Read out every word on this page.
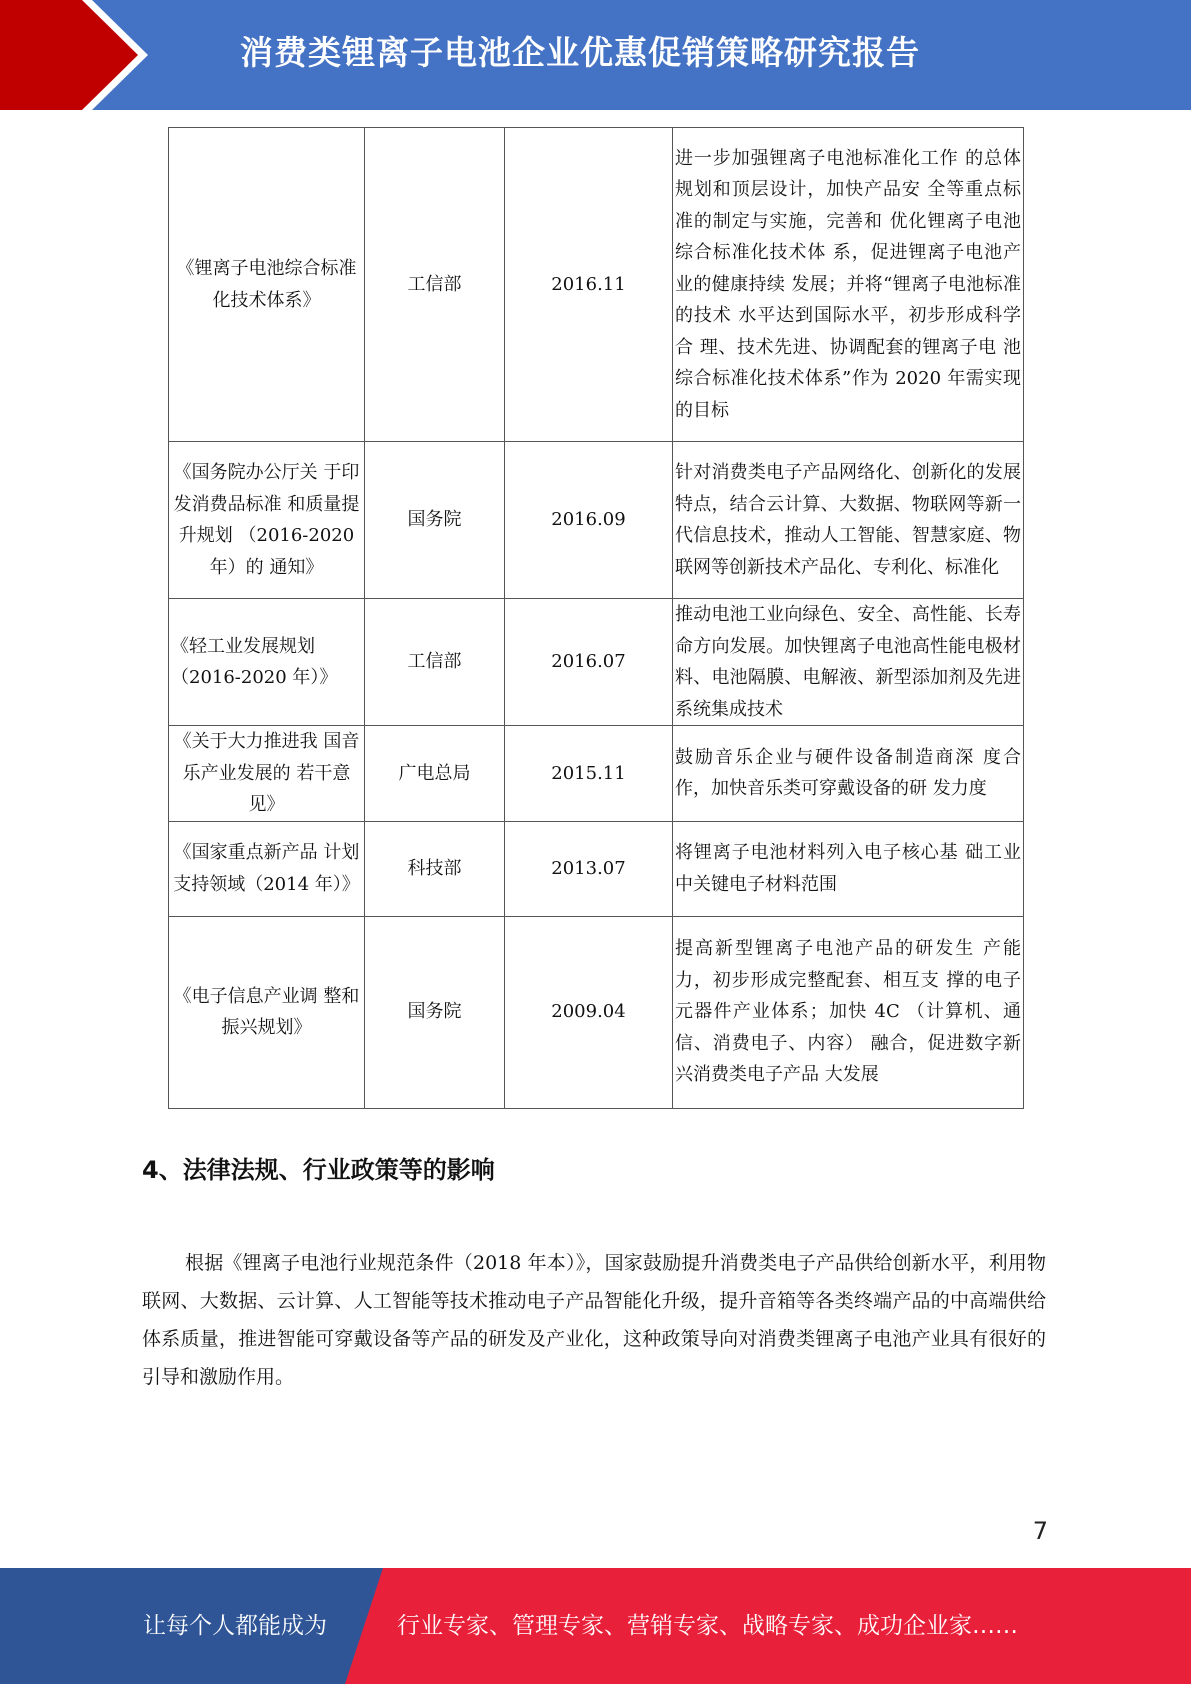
消费类锂离子电池企业优惠促销策略研究报告
《锂离子电池综合标准化技术体系》	工信部	2016.11	进一步加强锂离子电池标准化工作 的总体规划和顶层设计，加快产品安 全等重点标准的制定与实施，完善和 优化锂离子电池综合标准化技术体 系，促进锂离子电池产业的健康持续 发展；并将“锂离子电池标准的技术 水平达到国际水平，初步形成科学合 理、技术先进、协调配套的锂离子电 池综合标准化技术体系”作为 2020 年需实现的目标
《国务院办公厅关 于印发消费品标准 和质量提升规划 （2016-2020 年）的 通知》	国务院	2016.09	针对消费类电子产品网络化、创新化的发展特点，结合云计算、大数据、物联网等新一代信息技术，推动人工智能、智慧家庭、物联网等创新技术产品化、专利化、标准化
《轻工业发展规划（2016-2020 年）》	工信部	2016.07	推动电池工业向绿色、安全、高性能、长寿命方向发展。加快锂离子电池高性能电极材料、电池隔膜、电解液、新型添加剂及先进系统集成技术
《关于大力推进我 国音乐产业发展的 若干意见》	广电总局	2015.11	鼓励音乐企业与硬件设备制造商深 度合作，加快音乐类可穿戴设备的研 发力度
《国家重点新产品 计划支持领域（2014 年）》	科技部	2013.07	将锂离子电池材料列入电子核心基 础工业中关键电子材料范围
《电子信息产业调 整和振兴规划》	国务院	2009.04	提高新型锂离子电池产品的研发生 产能力，初步形成完整配套、相互支 撑的电子元器件产业体系；加快 4C （计算机、通信、消费电子、内容） 融合，促进数字新兴消费类电子产品 大发展
4、法律法规、行业政策等的影响

根据《锂离子电池行业规范条件（2018 年本）》，国家鼓励提升消费类电子产品供给创新水平，利用物联网、大数据、云计算、人工智能等技术推动电子产品智能化升级，提升音箱等各类终端产品的中高端供给体系质量，推进智能可穿戴设备等产品的研发及产业化，这种政策导向对消费类锂离子电池产业具有很好的引导和激励作用。

7
让每个人都能成为	行业专家、管理专家、营销专家、战略专家、成功企业家……
